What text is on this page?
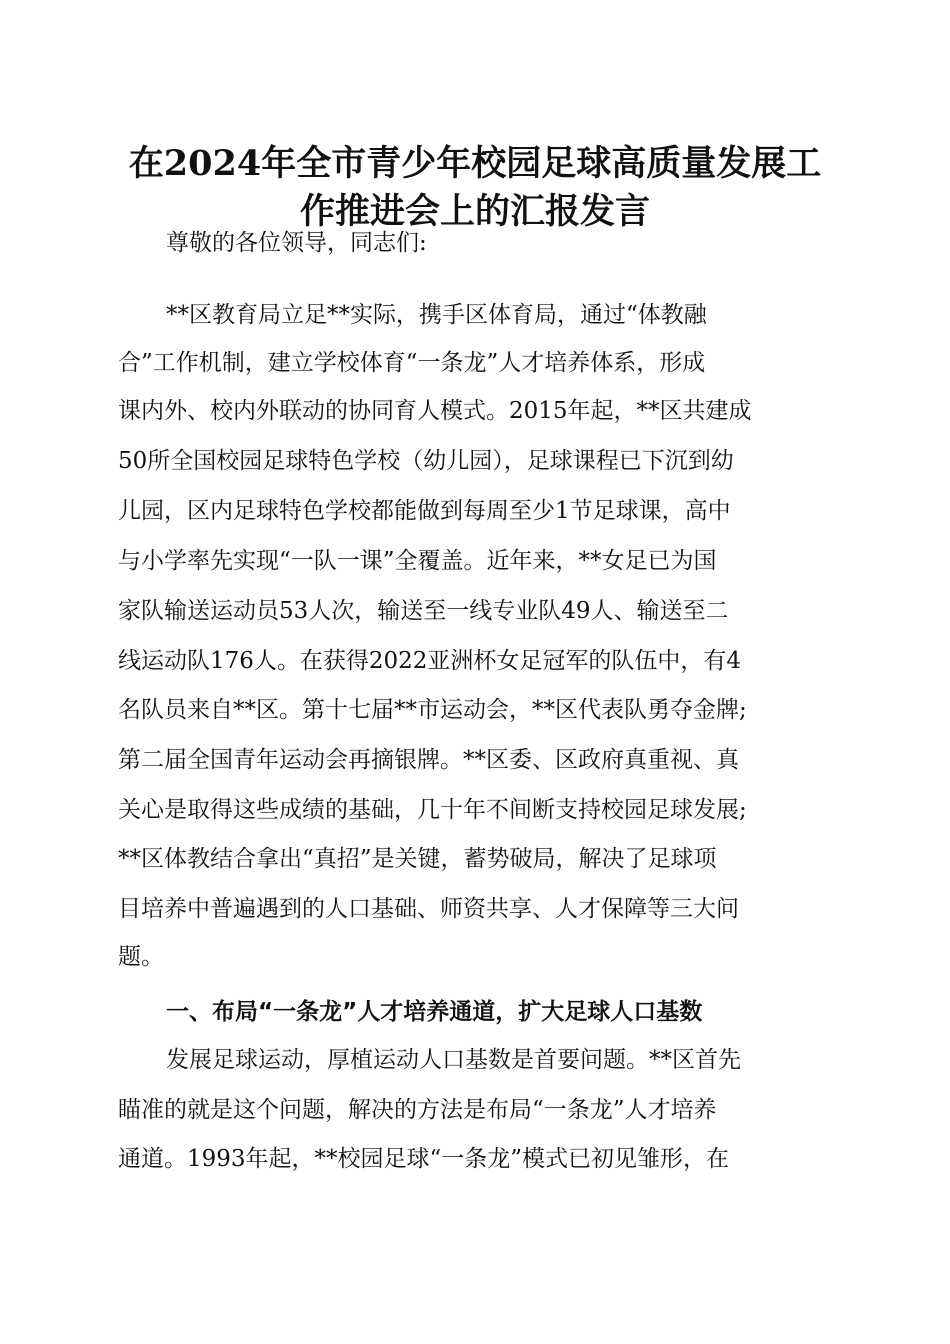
在2024年全市青少年校园足球高质量发展工
作推进会上的汇报发言
尊敬的各位领导，同志们:
**区教育局立足**实际，携手区体育局，通过“体教融
合”工作机制，建立学校体育“一条龙”人才培养体系，形成
课内外、校内外联动的协同育人模式。2015年起，**区共建成
50所全国校园足球特色学校（幼儿园），足球课程已下沉到幼
儿园，区内足球特色学校都能做到每周至少1节足球课，高中
与小学率先实现“一队一课”全覆盖。近年来，**女足已为国
家队输送运动员53人次，输送至一线专业队49人、输送至二
线运动队176人。在获得2022亚洲杯女足冠军的队伍中，有4
名队员来自**区。第十七届**市运动会，**区代表队勇夺金牌;
第二届全国青年运动会再摘银牌。**区委、区政府真重视、真
关心是取得这些成绩的基础，几十年不间断支持校园足球发展;
**区体教结合拿出“真招”是关键，蓄势破局，解决了足球项
目培养中普遍遇到的人口基础、师资共享、人才保障等三大问
题。
一、布局“一条龙”人才培养通道，扩大足球人口基数
发展足球运动，厚植运动人口基数是首要问题。**区首先
瞄准的就是这个问题，解决的方法是布局“一条龙”人才培养
通道。1993年起，**校园足球“一条龙”模式已初见雏形，在
